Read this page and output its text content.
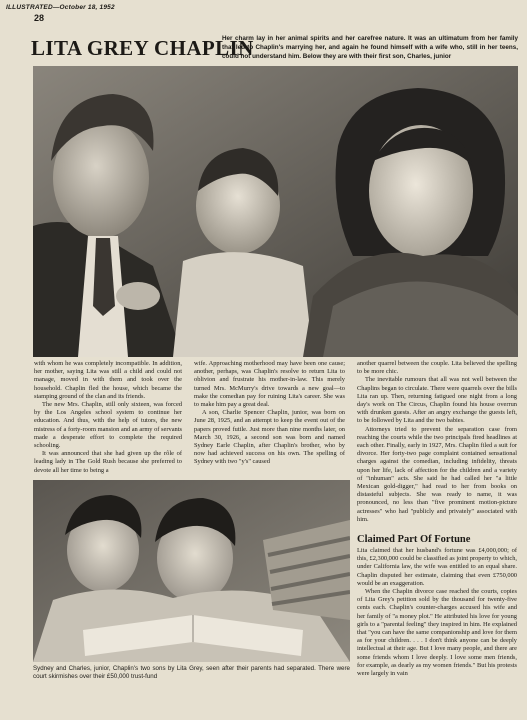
ILLUSTRATED—October 18, 1952
28
LITA GREY CHAPLIN
Her charm lay in her animal spirits and her carefree nature. It was an ultimatum from her family that led to Chaplin's marrying her, and again he found himself with a wife who, still in her teens, could not understand him. Below they are with their first son, Charles, junior

with whom he was completely incompatible. In addition, her mother, saying Lita was still a child and could not manage, moved in with them and took over the household. Chaplin fled the house, which became the stamping ground of the clan and its friends.

The new Mrs. Chaplin, still only sixteen, was forced by the Los Angeles school system to continue her education. And thus, with the help of tutors, the new mistress of a forty-room mansion and an army of servants made a desperate effort to complete the required schooling.

It was announced that she had given up the rôle of leading lady in The Gold Rush because she preferred to devote all her time to being a

wife. Approaching motherhood may have been one cause; another, perhaps, was Chaplin's resolve to return Lita to oblivion and frustrate his mother-in-law. This merely turned Mrs. McMurry's drive towards a new goal—to make the comedian pay for ruining Lita's career. She was to make him pay a great deal.

A son, Charlie Spencer Chaplin, junior, was born on June 28, 1925, and an attempt to keep the event out of the papers proved futile. Just more than nine months later, on March 30, 1926, a second son was born and named Sydney Earle Chaplin, after Chaplin's brother, who by now had achieved success on his own. The spelling of Sydney with two "y's" caused

another quarrel between the couple. Lita believed the spelling to be more chic.

The inevitable rumours that all was not well between the Chaplins began to circulate. There were quarrels over the bills Lita ran up. Then, returning fatigued one night from a long day's work on The Circus, Chaplin found his house overrun with drunken guests. After an angry exchange the guests left, to be followed by Lita and the two babies.

Attorneys tried to prevent the separation case from reaching the courts while the two principals fired headlines at each other. Finally, early in 1927, Mrs. Chaplin filed a suit for divorce. Her forty-two page complaint contained sensational charges against the comedian, including infidelity, threats upon her life, lack of affection for the children and a variety of "inhuman" acts. She said he had called her "a little Mexican gold-digger," had read to her from books on distasteful subjects. She was ready to name, it was pronounced, no less than "five prominent motion-picture actresses" who had "publicly and privately" associated with him.

Claimed Part Of Fortune

Lita claimed that her husband's fortune was £4,000,000; of this, £2,300,000 could be classified as joint property to which, under California law, the wife was entitled to an equal share. Chaplin disputed her estimate, claiming that even £750,000 would be an exaggeration.

When the Chaplin divorce case reached the courts, copies of Lita Grey's petition sold by the thousand for twenty-five cents each. Chaplin's counter-charges accused his wife and her family of "a money plot." He attributed his love for young girls to a "parental feeling" they inspired in him. He explained that "you can have the same companionship and love for them as for your children. . . . I don't think anyone can be deeply intellectual at their age. But I love many people, and there are some friends whom I love deeply. I love some men friends, for example, as dearly as my women friends." But his protests were largely in vain

Sydney and Charles, junior, Chaplin's two sons by Lita Grey, seen after their parents had separated. There were court skirmishes over their £50,000 trust-fund
